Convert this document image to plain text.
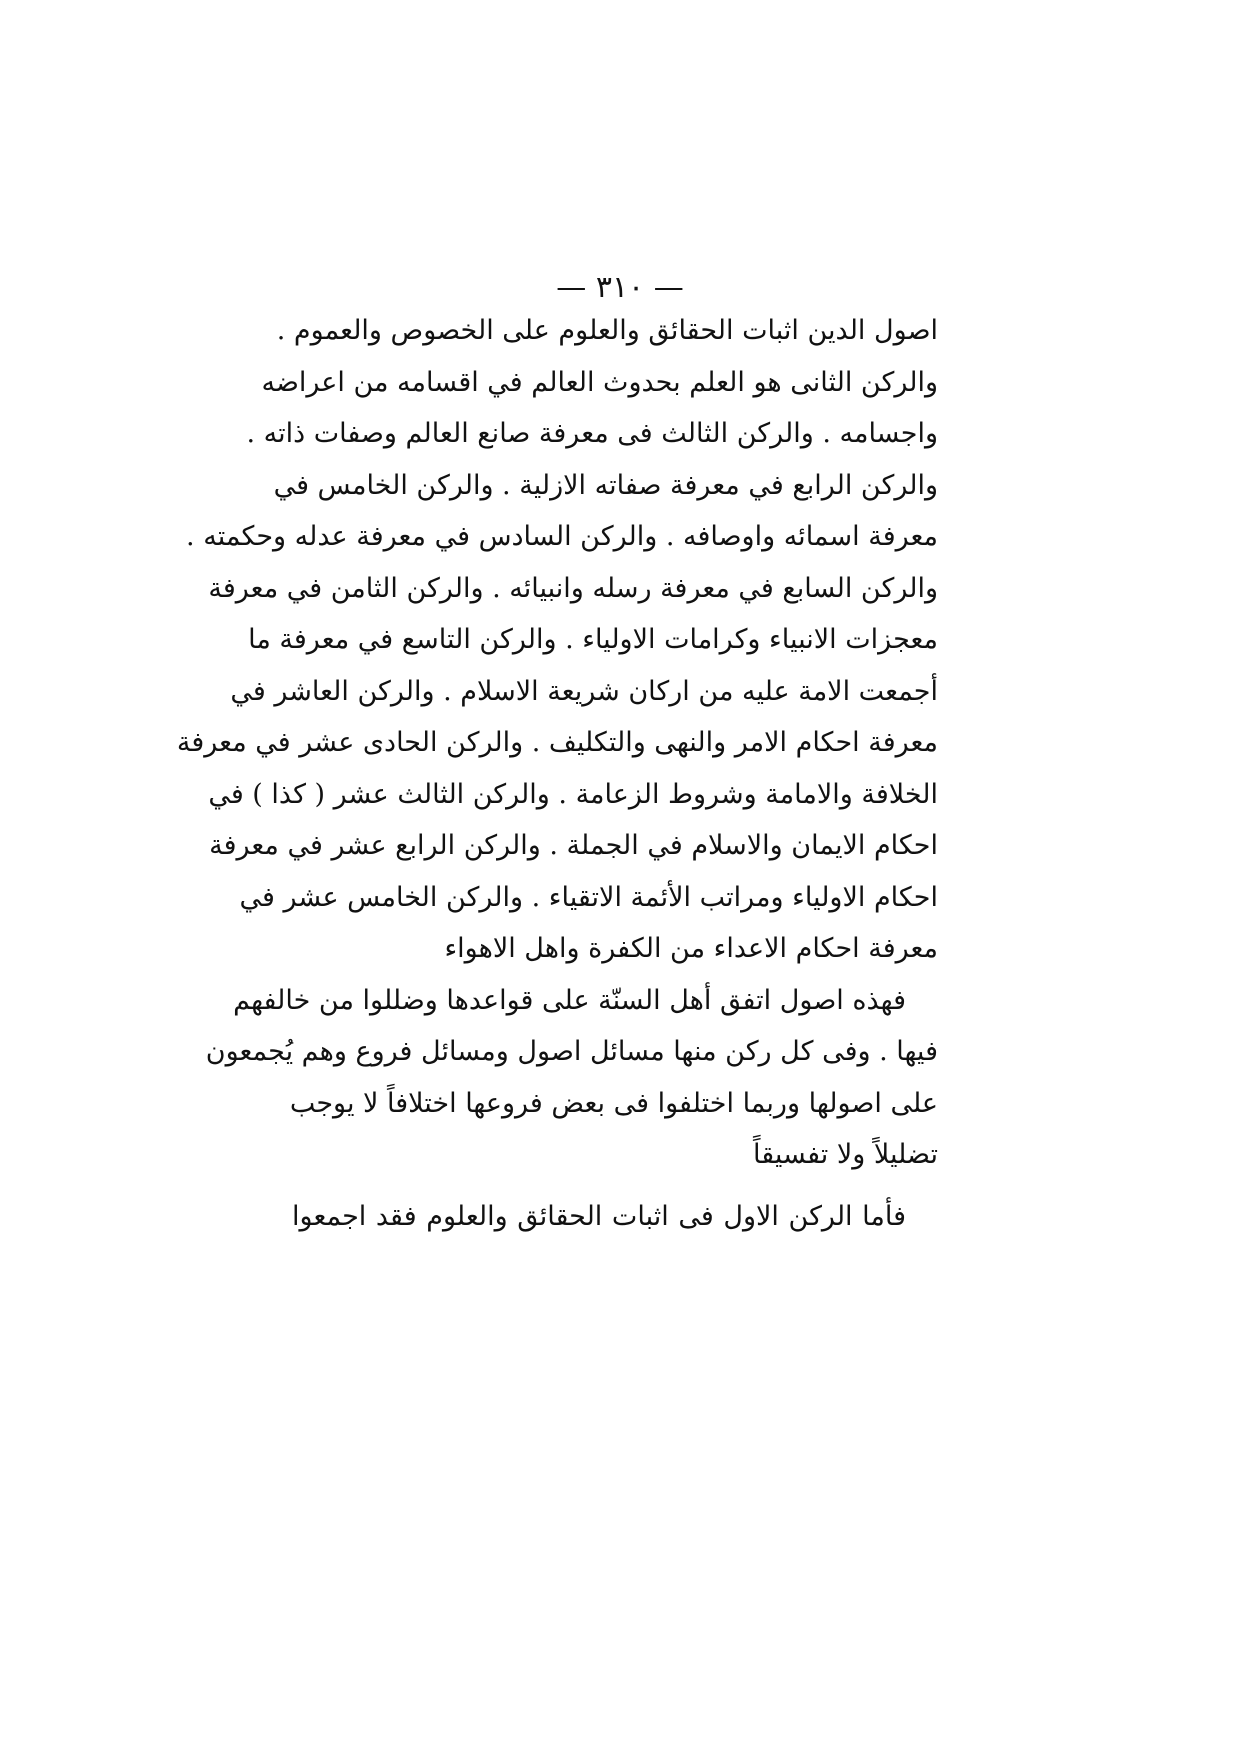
— ٣١٠ —
اصول الدين اثبات الحقائق والعلوم على الخصوص والعموم .
والركن الثانى هو العلم بحدوث العالم في اقسامه من اعراضه
واجسامه . والركن الثالث فى معرفة صانع العالم وصفات ذاته .
والركن الرابع في معرفة صفاته الازلية . والركن الخامس في
معرفة اسمائه واوصافه . والركن السادس في معرفة عدله وحكمته .
والركن السابع في معرفة رسله وانبيائه . والركن الثامن في معرفة
معجزات الانبياء وكرامات الاولياء . والركن التاسع في معرفة ما
أجمعت الامة عليه من اركان شريعة الاسلام . والركن العاشر في
معرفة احكام الامر والنهى والتكليف . والركن الحادى عشر في معرفة
الخلافة والامامة وشروط الزعامة . والركن الثالث عشر ( كذا ) في
احكام الايمان والاسلام في الجملة . والركن الرابع عشر في معرفة
احكام الاولياء ومراتب الأئمة الاتقياء . والركن الخامس عشر في
معرفة احكام الاعداء من الكفرة واهل الاهواء
فهذه اصول اتفق أهل السنّة على قواعدها وضللوا من خالفهم
فيها . وفى كل ركن منها مسائل اصول ومسائل فروع وهم يُجمعون
على اصولها وربما اختلفوا فى بعض فروعها اختلافاً لا يوجب
تضليلاً ولا تفسيقاً
فأما الركن الاول فى اثبات الحقائق والعلوم فقد اجمعوا
